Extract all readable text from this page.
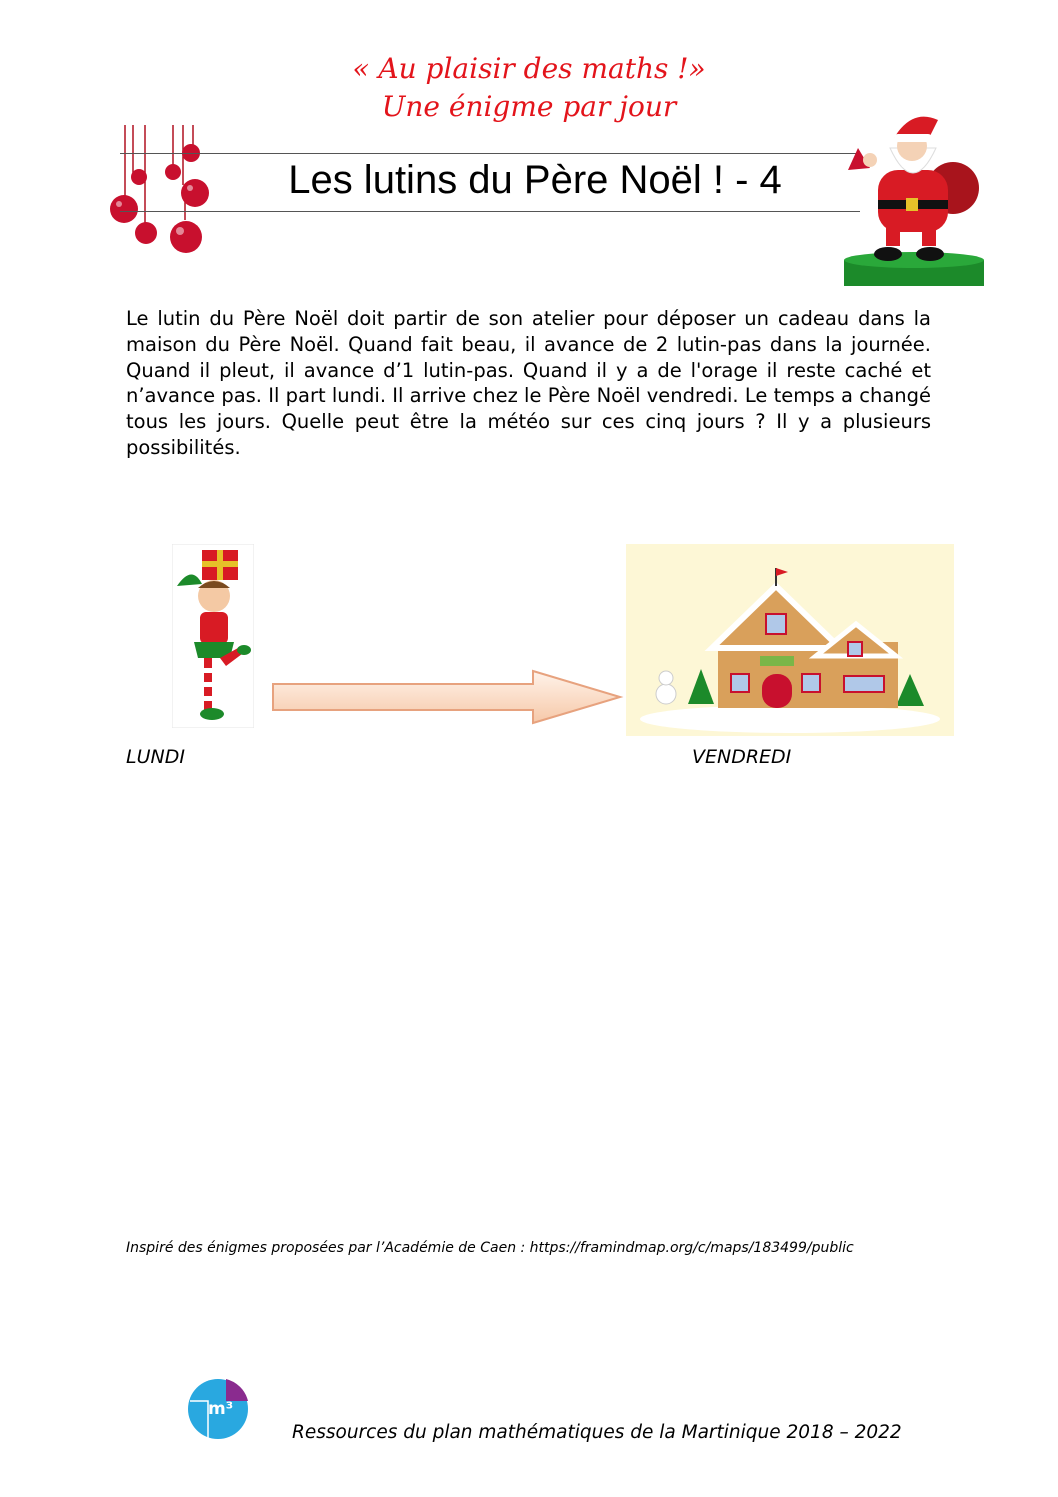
« Au plaisir des maths !»
Une énigme par jour
Les lutins du Père Noël ! - 4
Le lutin du Père Noël doit partir de son atelier pour déposer un cadeau dans la maison du Père Noël. Quand fait beau, il avance de 2 lutin-pas dans la journée. Quand il pleut, il avance d’1 lutin-pas. Quand il y a de l'orage il reste caché et n’avance pas. Il part lundi. Il arrive chez le Père Noël vendredi. Le temps a changé tous les jours. Quelle peut être la météo sur ces cinq jours ? Il y a plusieurs possibilités.
LUNDI	VENDREDI
Inspiré des énigmes proposées par l’Académie de Caen : https://framindmap.org/c/maps/183499/public
m³
Ressources du plan mathématiques de la Martinique 2018 – 2022
